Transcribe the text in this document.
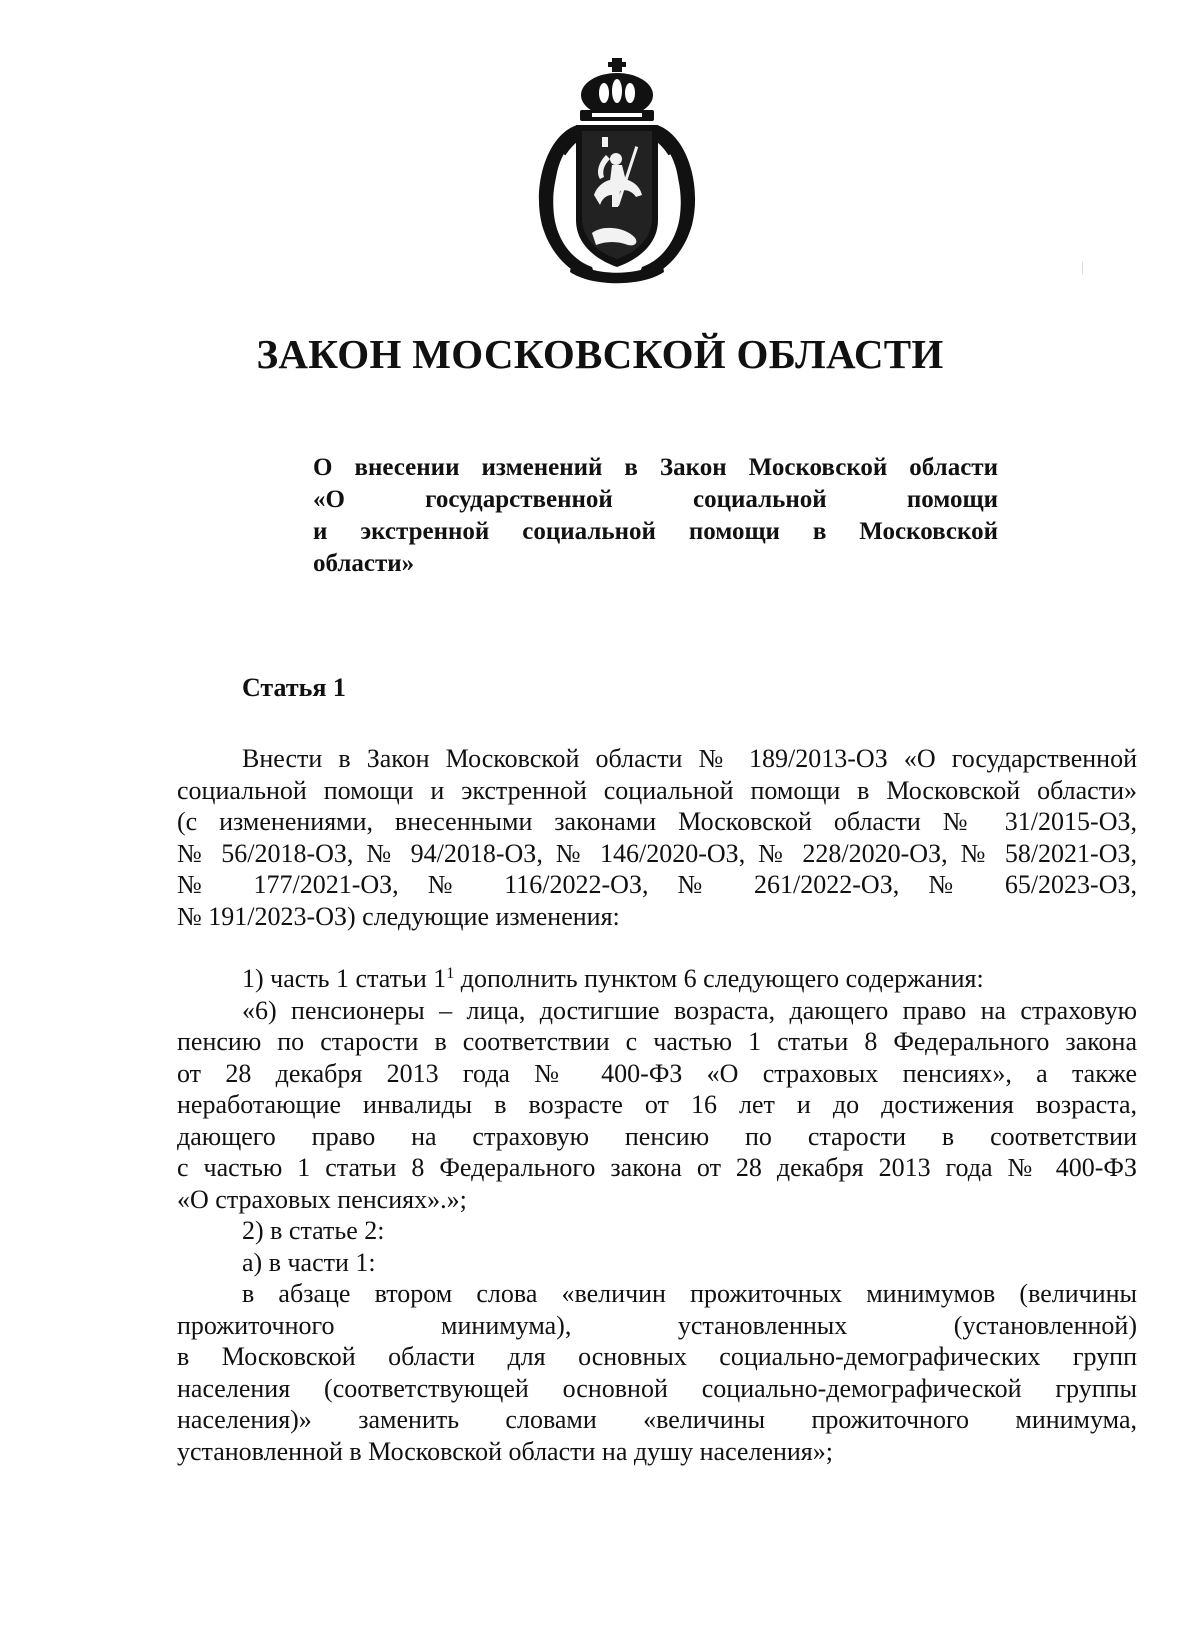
ЗАКОН МОСКОВСКОЙ ОБЛАСТИ
О внесении изменений в Закон Московской области
«О государственной социальной помощи
и экстренной социальной помощи в Московской
области»
Статья 1
Внести в Закон Московской области № 189/2013-ОЗ «О государственной
социальной помощи и экстренной социальной помощи в Московской области»
(с изменениями, внесенными законами Московской области № 31/2015-ОЗ,
№ 56/2018-ОЗ, № 94/2018-ОЗ, № 146/2020-ОЗ, № 228/2020-ОЗ, № 58/2021-ОЗ,
№ 177/2021-ОЗ, № 116/2022-ОЗ, № 261/2022-ОЗ, № 65/2023-ОЗ,
№ 191/2023-ОЗ) следующие изменения:
1) часть 1 статьи $1^1$ дополнить пунктом 6 следующего содержания:
«6) пенсионеры – лица, достигшие возраста, дающего право на страховую
пенсию по старости в соответствии с частью 1 статьи 8 Федерального закона
от 28 декабря 2013 года № 400-ФЗ «О страховых пенсиях», а также
неработающие инвалиды в возрасте от 16 лет и до достижения возраста,
дающего право на страховую пенсию по старости в соответствии
с частью 1 статьи 8 Федерального закона от 28 декабря 2013 года № 400-ФЗ
«О страховых пенсиях».»;
2) в статье 2:
а) в части 1:
в абзаце втором слова «величин прожиточных минимумов (величины
прожиточного минимума), установленных (установленной)
в Московской области для основных социально-демографических групп
населения (соответствующей основной социально-демографической группы
населения)» заменить словами «величины прожиточного минимума,
установленной в Московской области на душу населения»;
